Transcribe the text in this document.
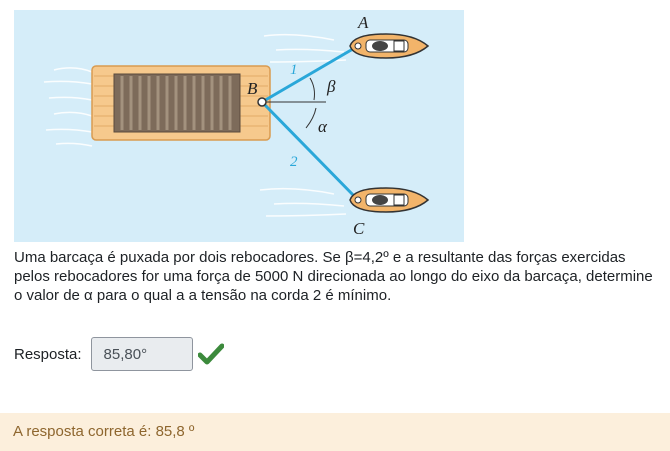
A
B
C
1
2
β
α

Uma barcaça é puxada por dois rebocadores. Se β=4,2º e a resultante das forças exercidas pelos rebocadores for uma força de 5000 N direcionada ao longo do eixo da barcaça, determine o valor de α para o qual a a tensão na corda 2 é mínimo.

Resposta:
85,80°
A resposta correta é: 85,8 º
